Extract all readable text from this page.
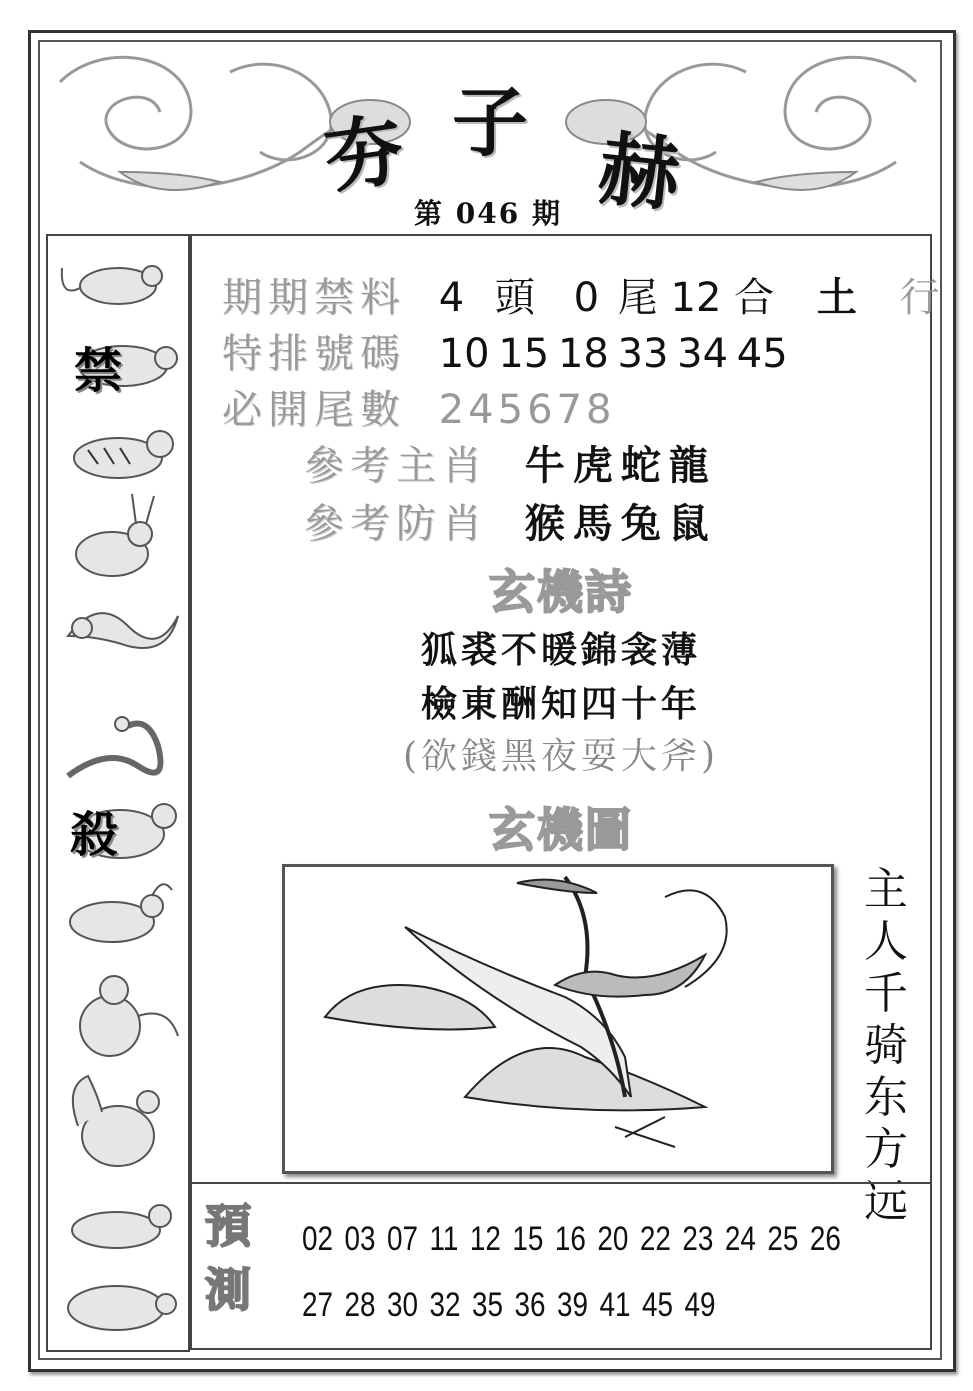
夯 子 赫
第 046 期
禁
殺
期期禁料 4 頭 0 尾 12 合 土 行
特排號碼 10 15 18 33 34 45
必開尾數 245678
參考主肖 牛虎蛇龍
參考防肖 猴馬兔鼠
玄機詩
狐裘不暖錦衾薄
檢東酬知四十年
(欲錢黑夜耍大斧)
玄機圖
主
人
千
骑
东
方
远
預
測
02 03 07 11 12 15 16 20 22 23 24 25 26
27 28 30 32 35 36 39 41 45 49
